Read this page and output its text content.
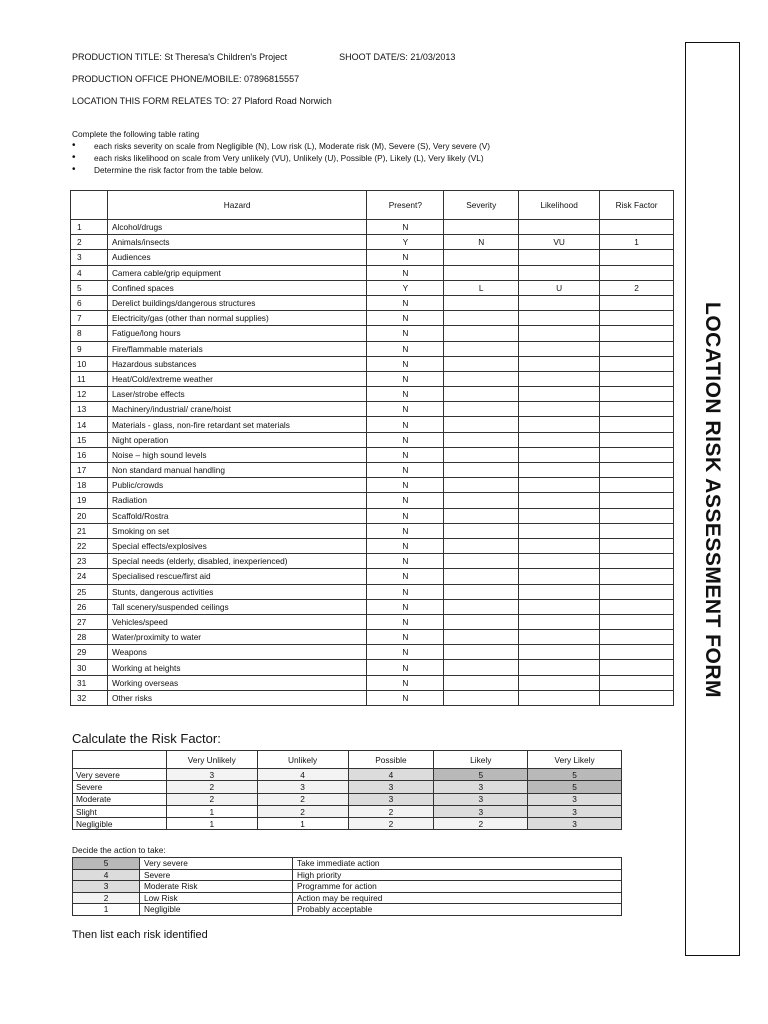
PRODUCTION TITLE: St Theresa's Children's Project	SHOOT DATE/S: 21/03/2013
PRODUCTION OFFICE PHONE/MOBILE: 07896815557
LOCATION THIS FORM RELATES TO: 27 Plaford Road Norwich
Complete the following table rating
• each risks severity on scale from Negligible (N), Low risk (L), Moderate risk (M), Severe (S), Very severe (V)
• each risks likelihood on scale from Very unlikely (VU), Unlikely (U), Possible (P), Likely (L), Very likely (VL)
• Determine the risk factor from the table below.
	Hazard	Present?	Severity	Likelihood	Risk Factor
1	Alcohol/drugs	N			
2	Animals/insects	Y	N	VU	1
3	Audiences	N			
4	Camera cable/grip equipment	N			
5	Confined spaces	Y	L	U	2
6	Derelict buildings/dangerous structures	N			
7	Electricity/gas (other than normal supplies)	N			
8	Fatigue/long hours	N			
9	Fire/flammable materials	N			
10	Hazardous substances	N			
11	Heat/Cold/extreme weather	N			
12	Laser/strobe effects	N			
13	Machinery/industrial/ crane/hoist	N			
14	Materials - glass, non-fire retardant set materials	N			
15	Night operation	N			
16	Noise – high sound levels	N			
17	Non standard manual handling	N			
18	Public/crowds	N			
19	Radiation	N			
20	Scaffold/Rostra	N			
21	Smoking on set	N			
22	Special effects/explosives	N			
23	Special needs (elderly, disabled, inexperienced)	N			
24	Specialised rescue/first aid	N			
25	Stunts, dangerous activities	N			
26	Tall scenery/suspended ceilings	N			
27	Vehicles/speed	N			
28	Water/proximity to water	N			
29	Weapons	N			
30	Working at heights	N			
31	Working overseas	N			
32	Other risks	N			
Calculate the Risk Factor:
	Very Unlikely	Unlikely	Possible	Likely	Very Likely
Very severe	3	4	4	5	5
Severe	2	3	3	3	5
Moderate	2	2	3	3	3
Slight	1	2	2	3	3
Negligible	1	1	2	2	3
Decide the action to take:
5	Very severe	Take immediate action
4	Severe	High priority
3	Moderate Risk	Programme for action
2	Low Risk	Action may be required
1	Negligible	Probably acceptable
Then list each risk identified
LOCATION RISK ASSESSMENT FORM
